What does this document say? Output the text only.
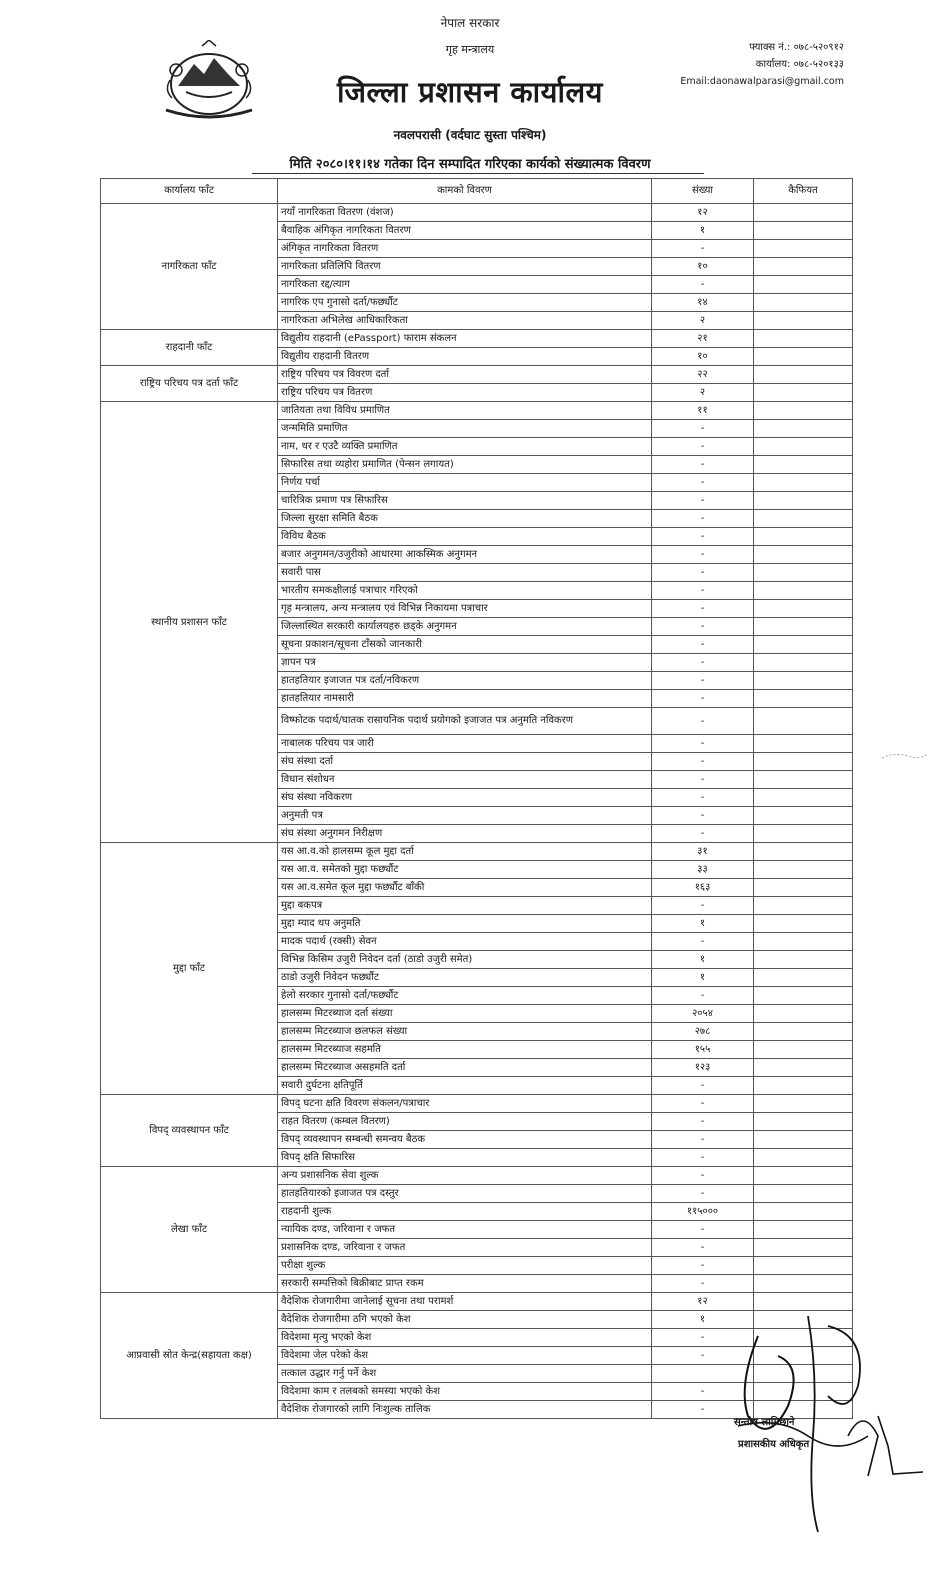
नेपाल सरकार
गृह मन्त्रालय
जिल्ला प्रशासन कार्यालय
नवलपरासी (वर्दघाट सुस्ता पश्चिम)
मिति २०८०।११।१४ गतेका दिन सम्पादित गरिएका कार्यको संख्यात्मक विवरण
फ्याक्स नं.: ०७८-५२०९१२
कार्यालय: ०७८-५२०१३३
Email:daonawalparasi@gmail.com
कार्यालय फाँट	कामको विवरण	संख्या	कैफियत
नागरिकता फाँट	नयाँ नागरिकता वितरण (वंशज)	१२	
	बैवाहिक अंगिकृत नागरिकता वितरण	१	
	अंगिकृत नागरिकता वितरण	-	
	नागरिकता प्रतिलिपि वितरण	१०	
	नागरिकता रद्द/त्याग	-	
	नागरिक एप गुनासो दर्ता/फर्छ्यौट	१४	
	नागरिकता अभिलेख आधिकारिकता	२	
राहदानी फाँट	विद्युतीय राहदानी (ePassport) फाराम संकलन	२१	
	विद्युतीय राहदानी वितरण	१०	
राष्ट्रिय परिचय पत्र दर्ता फाँट	राष्ट्रिय परिचय पत्र विवरण दर्ता	२२	
	राष्ट्रिय परिचय पत्र वितरण	२	
स्थानीय प्रशासन फाँट	जातियता तथा विविध प्रमाणित	११	
	जन्ममिति प्रमाणित	-	
	नाम, थर र एउटै व्यक्ति प्रमाणित	-	
	सिफारिस तथा व्यहोरा प्रमाणित (पेन्सन लगायत)	-	
	निर्णय पर्चा	-	
	चारित्रिक प्रमाण पत्र सिफारिस	-	
	जिल्ला सुरक्षा समिति बैठक	-	
	विविध बैठक	-	
	बजार अनुगमन/उजुरीको आधारमा आकस्मिक अनुगमन	-	
	सवारी पास	-	
	भारतीय समकक्षीलाई पत्राचार गरिएको	-	
	गृह मन्त्रालय, अन्य मन्त्रालय एवं विभिन्न निकायमा पत्राचार	-	
	जिल्लास्थित सरकारी कार्यालयहरु छड्के अनुगमन	-	
	सूचना प्रकाशन/सूचना टाँसको जानकारी	-	
	ज्ञापन पत्र	-	
	हातहतियार इजाजत पत्र दर्ता/नविकरण	-	
	हातहतियार नामसारी	-	
	विष्फोटक पदार्थ/घातक रासायनिक पदार्थ प्रयोगको इजाजत पत्र अनुमति नविकरण	-	
	नाबालक परिचय पत्र जारी	-	
	संघ संस्था दर्ता	-	
	विधान संशोधन	-	
	संघ संस्था नविकरण	-	
	अनुमती पत्र	-	
	संघ संस्था अनुगमन निरीक्षण	-	
मुद्दा फाँट	यस आ.व.को हालसम्म कूल मुद्दा दर्ता	३१	
	यस आ.व. समेतको मुद्दा फर्छ्यौट	३३	
	यस आ.व.समेत कूल मुद्दा फर्छ्यौट बाँकी	१६३	
	मुद्दा बकपत्र	-	
	मुद्दा म्याद थप अनुमति	१	
	मादक पदार्थ (रक्सी) सेवन	-	
	विभिन्न किसिम उजुरी निवेदन दर्ता (ठाडो उजुरी समेत)	१	
	ठाडो उजुरी निवेदन फर्छ्यौट	१	
	हेलो सरकार गुनासो दर्ता/फर्छ्यौट	-	
	हालसम्म मिटरब्याज दर्ता संख्या	२०५४	
	हालसम्म मिटरब्याज छलफल संख्या	२७८	
	हालसम्म मिटरब्याज सहमति	१५५	
	हालसम्म मिटरब्याज असहमति दर्ता	१२३	
	सवारी दुर्घटना क्षतिपूर्ति	-	
विपद् व्यवस्थापन फाँट	विपद् घटना क्षति विवरण संकलन/पत्राचार	-	
	राहत वितरण (कम्बल वितरण)	-	
	विपद् व्यवस्थापन सम्बन्धी समन्वय बैठक	-	
	विपद् क्षति सिफारिस	-	
लेखा फाँट	अन्य प्रशासनिक सेवा शुल्क	-	
	हातहतियारको इजाजत पत्र दस्तुर	-	
	राहदानी शुल्क	११५०००	
	न्यायिक दण्ड, जरिवाना र जफत	-	
	प्रशासनिक दण्ड, जरिवाना र जफत	-	
	परीक्षा शुल्क	-	
	सरकारी सम्पत्तिको बिक्रीबाट प्राप्त रकम	-	
आप्रवासी स्रोत केन्द्र(सहायता कक्ष)	वैदेशिक रोजगारीमा जानेलाई सूचना तथा परामर्श	१२	
	वैदेशिक रोजगारीमा ठगि भएको केश	१	
	विदेशमा मृत्यु भएको केश	-	
	विदेशमा जेल परेको केश	-	
	तत्काल उद्धार गर्नु पर्ने केश		
	विदेशमा काम र तलबको समस्या भएको केश	-	
	वैदेशिक रोजगारको लागि निःशुल्क तालिक	-	
सन्तोष लामिछाने
प्रशासकीय अधिकृत
